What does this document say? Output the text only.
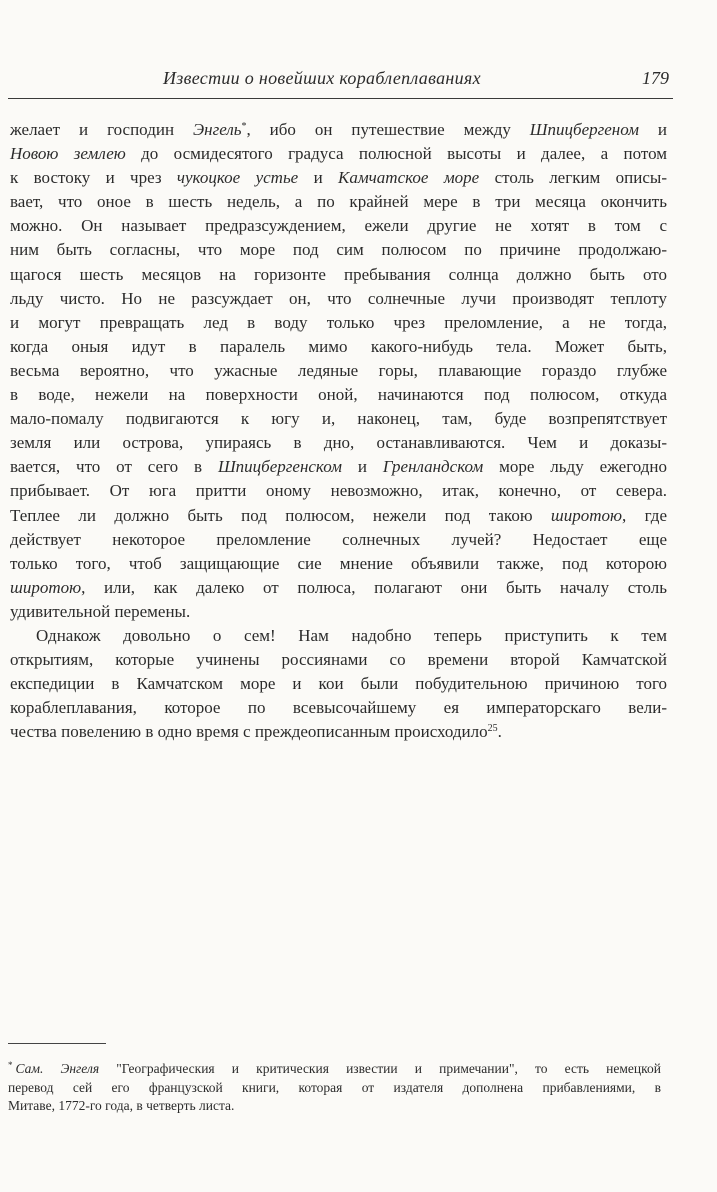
Известии о новейших кораблеплаваниях	179

желает и господин Энгель*, ибо он путешествие между Шпицбергеном и
Новою землею до осмидесятого градуса полюсной высоты и далее, а потом
к востоку и чрез чукоцкое устье и Камчатское море столь легким описы-
вает, что оное в шесть недель, а по крайней мере в три месяца окончить
можно. Он называет предразсуждением, ежели другие не хотят в том с
ним быть согласны, что море под сим полюсом по причине продолжаю-
щагося шесть месяцов на горизонте пребывания солнца должно быть ото
льду чисто. Но не разсуждает он, что солнечные лучи производят теплоту
и могут превращать лед в воду только чрез преломление, а не тогда,
когда оныя идут в паралель мимо какого-нибудь тела. Может быть,
весьма вероятно, что ужасные ледяные горы, плавающие гораздо глубже
в воде, нежели на поверхности оной, начинаются под полюсом, откуда
мало-помалу подвигаются к югу и, наконец, там, буде возпрепятствует
земля или острова, упираясь в дно, останавливаются. Чем и доказы-
вается, что от сего в Шпицбергенском и Гренландском море льду ежегодно
прибывает. От юга притти оному невозможно, итак, конечно, от севера.
Теплее ли должно быть под полюсом, нежели под такою широтою, где
действует некоторое преломление солнечных лучей? Недостает еще
только того, чтоб защищающие сие мнение объявили также, под которою
широтою, или, как далеко от полюса, полагают они быть началу столь
удивительной перемены.

Однакож довольно о сем! Нам надобно теперь приступить к тем
открытиям, которые учинены россиянами со времени второй Камчатской
експедиции в Камчатском море и кои были побудительною причиною того
кораблеплавания, которое по всевысочайшему ея императорскаго вели-
чества повелению в одно время с преждеописанным происходило$^{25}$.

* Сам. Энгеля "Географическия и критическия известии и примечании", то есть немецкой
перевод сей его французской книги, которая от издателя дополнена прибавлениями, в
Митаве, 1772-го года, в четверть листа.
